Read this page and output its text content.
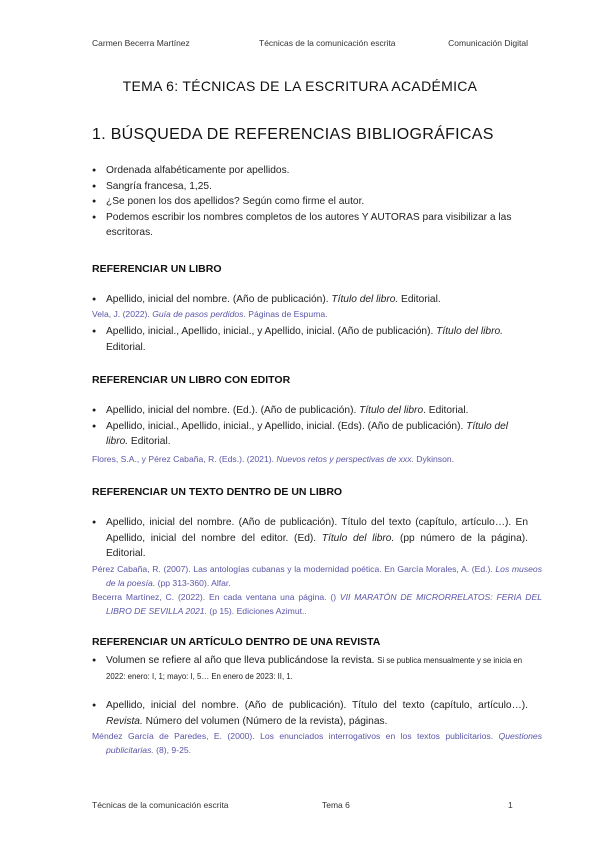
Carmen Becerra Martínez	Técnicas de la comunicación escrita	Comunicación Digital
TEMA 6: TÉCNICAS DE LA ESCRITURA ACADÉMICA
1. BÚSQUEDA DE REFERENCIAS BIBLIOGRÁFICAS
● Ordenada alfabéticamente por apellidos.
● Sangría francesa, 1,25.
● ¿Se ponen los dos apellidos? Según como firme el autor.
● Podemos escribir los nombres completos de los autores Y AUTORAS para visibilizar a las escritoras.
REFERENCIAR UN LIBRO
● Apellido, inicial del nombre. (Año de publicación). Título del libro. Editorial.
Vela, J. (2022). Guía de pasos perdidos. Páginas de Espuma.
● Apellido, inicial., Apellido, inicial., y Apellido, inicial. (Año de publicación). Título del libro. Editorial.
REFERENCIAR UN LIBRO CON EDITOR
● Apellido, inicial del nombre. (Ed.). (Año de publicación). Título del libro. Editorial.
● Apellido, inicial., Apellido, inicial., y Apellido, inicial. (Eds). (Año de publicación). Título del libro. Editorial.
Flores, S.A., y Pérez Cabaña, R. (Eds.). (2021). Nuevos retos y perspectivas de xxx. Dykinson.
REFERENCIAR UN TEXTO DENTRO DE UN LIBRO
● Apellido, inicial del nombre. (Año de publicación). Título del texto (capítulo, artículo…). En Apellido, inicial del nombre del editor. (Ed). Título del libro. (pp número de la página). Editorial.
Pérez Cabaña, R. (2007). Las antologías cubanas y la modernidad poética. En García Morales, A. (Ed.). Los museos de la poesía. (pp 313-360). Alfar.
Becerra Martínez, C. (2022). En cada ventana una página. () VII MARATÓN DE MICRORRELATOS: FERIA DEL LIBRO DE SEVILLA 2021. (p 15). Ediciones Azimut..
REFERENCIAR UN ARTÍCULO DENTRO DE UNA REVISTA
● Volumen se refiere al año que lleva publicándose la revista. Si se publica mensualmente y se inicia en 2022: enero: I, 1; mayo: I, 5… En enero de 2023: II, 1.
● Apellido, inicial del nombre. (Año de publicación). Título del texto (capítulo, artículo…). Revista. Número del volumen (Número de la revista), páginas.
Méndez García de Paredes, E. (2000). Los enunciados interrogativos en los textos publicitarios. Questiones publicitarias. (8), 9-25.
Técnicas de la comunicación escrita	Tema 6	1
